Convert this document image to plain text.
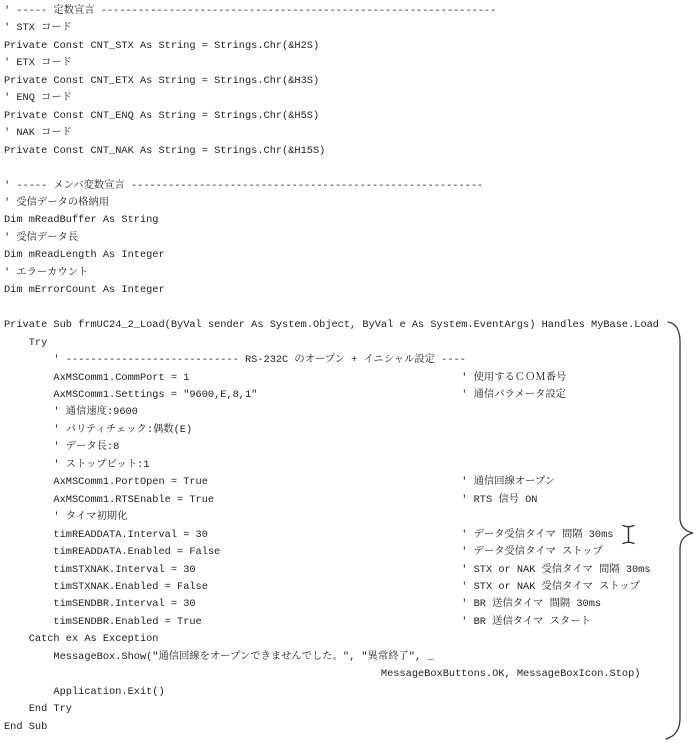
' ----- 定数宣言 ----------------------------------------------------------------
' STX コード
Private Const CNT_STX As String = Strings.Chr(&H2S)
' ETX コード
Private Const CNT_ETX As String = Strings.Chr(&H3S)
' ENQ コード
Private Const CNT_ENQ As String = Strings.Chr(&H5S)
' NAK コード
Private Const CNT_NAK As String = Strings.Chr(&H15S)
' ----- メンバ変数宣言 ---------------------------------------------------------
' 受信データの格納用
Dim mReadBuffer As String
' 受信データ長
Dim mReadLength As Integer
' エラーカウント
Dim mErrorCount As Integer
Private Sub frmUC24_2_Load(ByVal sender As System.Object, ByVal e As System.EventArgs) Handles MyBase.Load
Try
' ---------------------------- RS-232C のオープン + イニシャル設定 ----
AxMSComm1.CommPort = 1                                            ' 使用するＣＯＭ番号
AxMSComm1.Settings = "9600,E,8,1"                                 ' 通信パラメータ設定
' 通信速度:9600
' パリティチェック:偶数(E)
' データ長:8
' ストップビット:1
AxMSComm1.PortOpen = True                                         ' 通信回線オープン
AxMSComm1.RTSEnable = True                                        ' RTS 信号 ON
' タイマ初期化
timREADDATA.Interval = 30                                         ' データ受信タイマ 間隔 30ms
timREADDATA.Enabled = False                                       ' データ受信タイマ ストップ
timSTXNAK.Interval = 30                                           ' STX or NAK 受信タイマ 間隔 30ms
timSTXNAK.Enabled = False                                         ' STX or NAK 受信タイマ ストップ
timSENDBR.Interval = 30                                           ' BR 送信タイマ 間隔 30ms
timSENDBR.Enabled = True                                          ' BR 送信タイマ スタート
Catch ex As Exception
MessageBox.Show("通信回線をオープンできませんでした。", "異常終了", _
MessageBoxButtons.OK, MessageBoxIcon.Stop)
Application.Exit()
End Try
End Sub
